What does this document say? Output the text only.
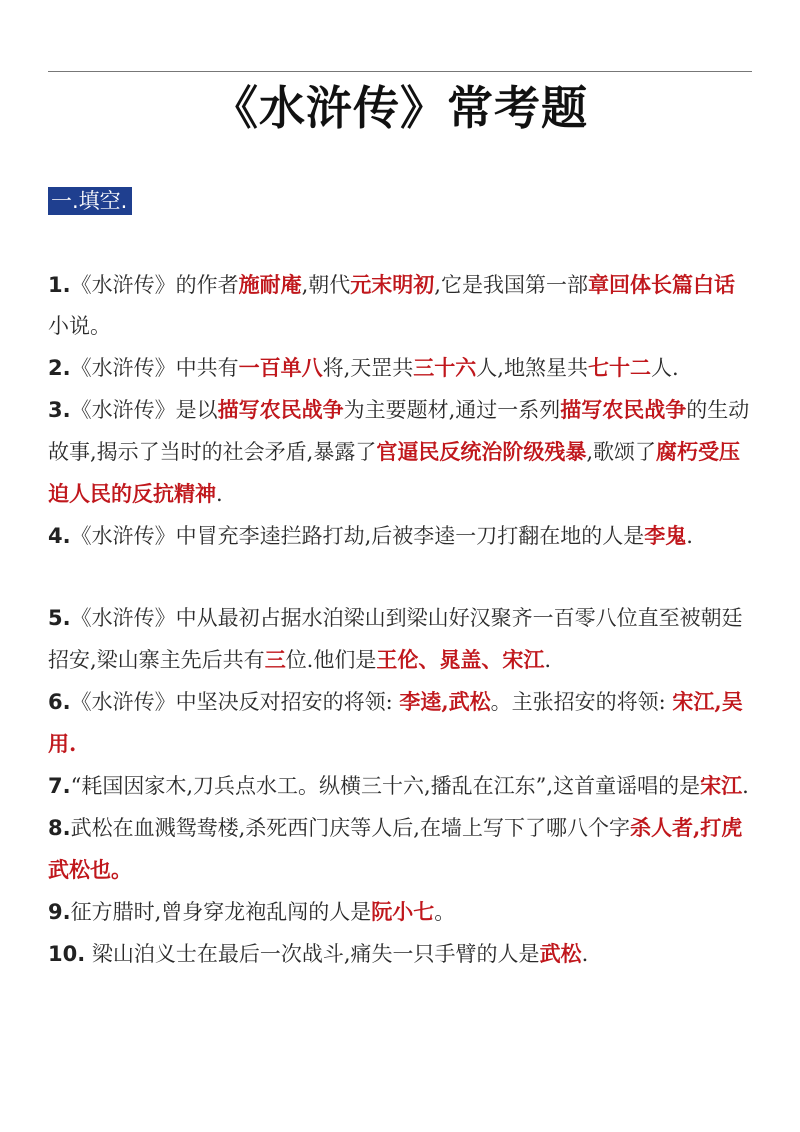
《水浒传》常考题
一.填空.

1.《水浒传》的作者施耐庵,朝代元末明初,它是我国第一部章回体长篇白话小说。

2.《水浒传》中共有一百单八将,天罡共三十六人,地煞星共七十二人.

3.《水浒传》是以描写农民战争为主要题材,通过一系列描写农民战争的生动故事,揭示了当时的社会矛盾,暴露了官逼民反统治阶级残暴,歌颂了腐朽受压迫人民的反抗精神.

4.《水浒传》中冒充李逵拦路打劫,后被李逵一刀打翻在地的人是李鬼.

5.《水浒传》中从最初占据水泊梁山到梁山好汉聚齐一百零八位直至被朝廷招安,梁山寨主先后共有三位.他们是王伦、晁盖、宋江.

6.《水浒传》中坚决反对招安的将领: 李逵,武松。主张招安的将领: 宋江,吴用.

7.“耗国因家木,刀兵点水工。纵横三十六,播乱在江东”,这首童谣唱的是宋江.

8.武松在血溅鸳鸯楼,杀死西门庆等人后,在墙上写下了哪八个字杀人者,打虎武松也。

9.征方腊时,曾身穿龙袍乱闯的人是阮小七。

10. 梁山泊义士在最后一次战斗,痛失一只手臂的人是武松.
